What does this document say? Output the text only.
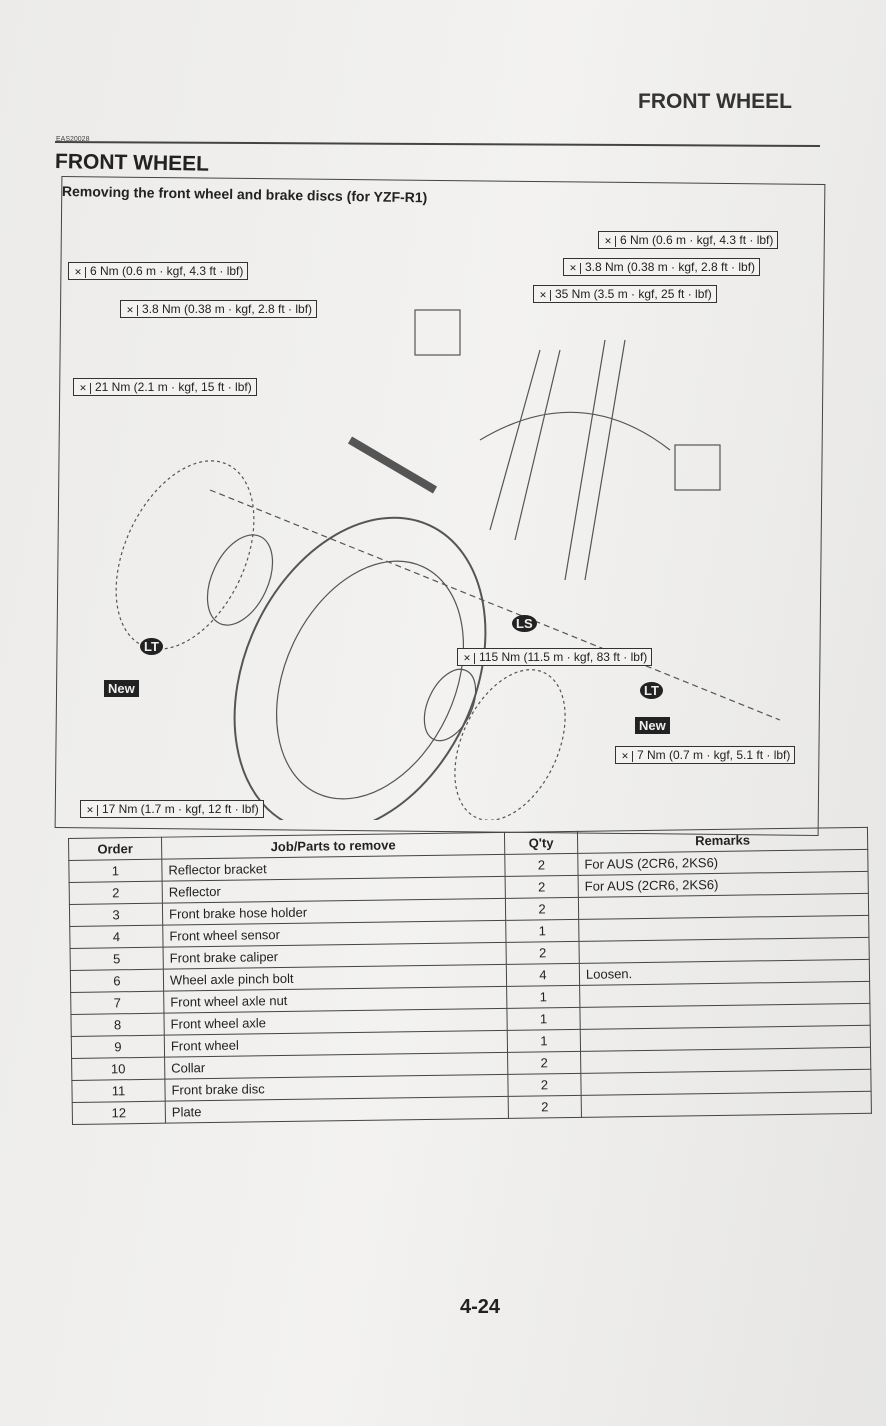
FRONT WHEEL
EAS20028
FRONT WHEEL
Removing the front wheel and brake discs (for YZF-R1)
✕ 6 Nm (0.6 m · kgf, 4.3 ft · lbf)
✕ 3.8 Nm (0.38 m · kgf, 2.8 ft · lbf)
✕ 35 Nm (3.5 m · kgf, 25 ft · lbf)
✕ 6 Nm (0.6 m · kgf, 4.3 ft · lbf)
✕ 3.8 Nm (0.38 m · kgf, 2.8 ft · lbf)
✕ 21 Nm (2.1 m · kgf, 15 ft · lbf)
✕ 115 Nm (11.5 m · kgf, 83 ft · lbf)
✕ 7 Nm (0.7 m · kgf, 5.1 ft · lbf)
✕ 17 Nm (1.7 m · kgf, 12 ft · lbf)
New
New
LT
LT
LS
Order	Job/Parts to remove	Q'ty	Remarks
1	Reflector bracket	2	For AUS (2CR6, 2KS6)
2	Reflector	2	For AUS (2CR6, 2KS6)
3	Front brake hose holder	2	
4	Front wheel sensor	1	
5	Front brake caliper	2	
6	Wheel axle pinch bolt	4	Loosen.
7	Front wheel axle nut	1	
8	Front wheel axle	1	
9	Front wheel	1	
10	Collar	2	
11	Front brake disc	2	
12	Plate	2	
4-24
